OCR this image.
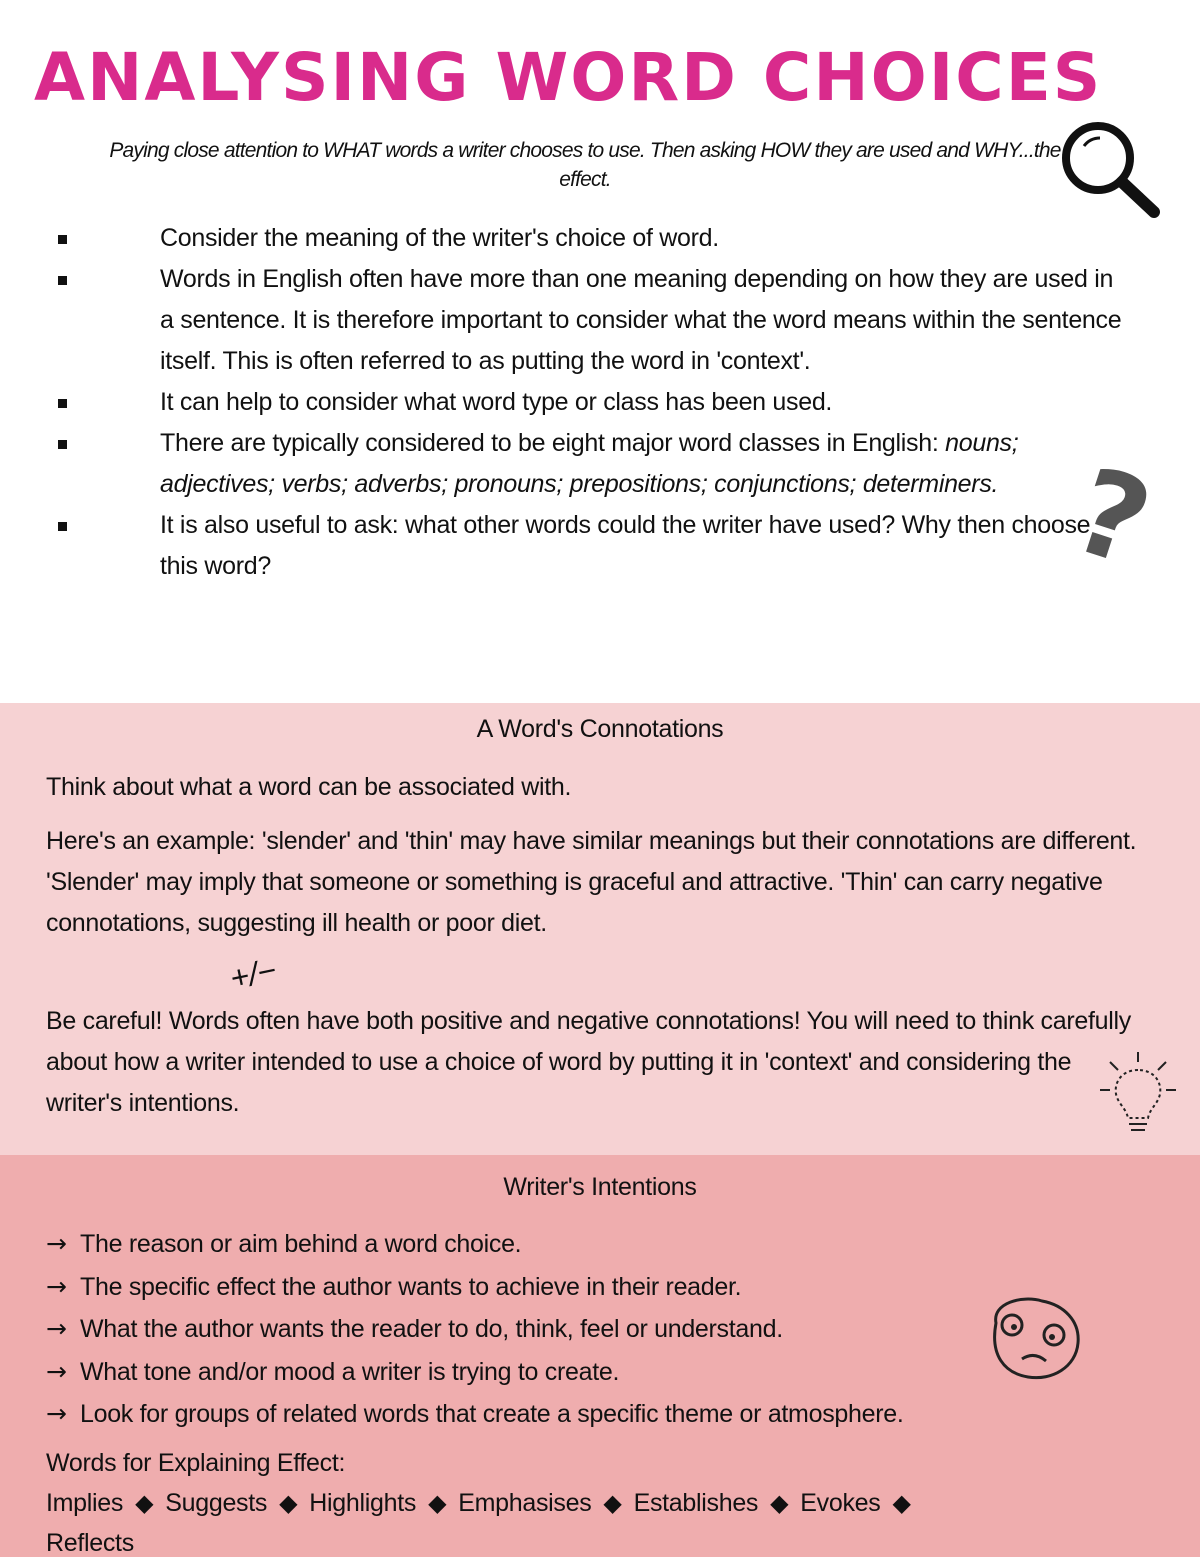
ANALYSING WORD CHOICES
Paying close attention to WHAT words a writer chooses to use. Then asking HOW they are used and WHY...the effect.
Consider the meaning of the writer's choice of word.
Words in English often have more than one meaning depending on how they are used in a sentence. It is therefore important to consider what the word means within the sentence itself. This is often referred to as putting the word in 'context'.
It can help to consider what word type or class has been used.
There are typically considered to be eight major word classes in English: nouns; adjectives; verbs; adverbs; pronouns; prepositions; conjunctions; determiners.
It is also useful to ask: what other words could the writer have used? Why then choose this word?	?
A Word's Connotations

Think about what a word can be associated with.

Here's an example: 'slender' and 'thin' may have similar meanings but their connotations are different. 'Slender' may imply that someone or something is graceful and attractive. 'Thin' can carry negative connotations, suggesting ill health or poor diet.

+/−

Be careful! Words often have both positive and negative connotations! You will need to think carefully about how a writer intended to use a choice of word by putting it in 'context' and considering the writer's intentions.

Writer's Intentions
→ The reason or aim behind a word choice.
→ The specific effect the author wants to achieve in their reader.
→ What the author wants the reader to do, think, feel or understand.
→ What tone and/or mood a writer is trying to create.
→ Look for groups of related words that create a specific theme or atmosphere.
Words for Explaining Effect:
Implies ◆ Suggests ◆ Highlights ◆ Emphasises ◆ Establishes ◆ Evokes ◆
Reflects
